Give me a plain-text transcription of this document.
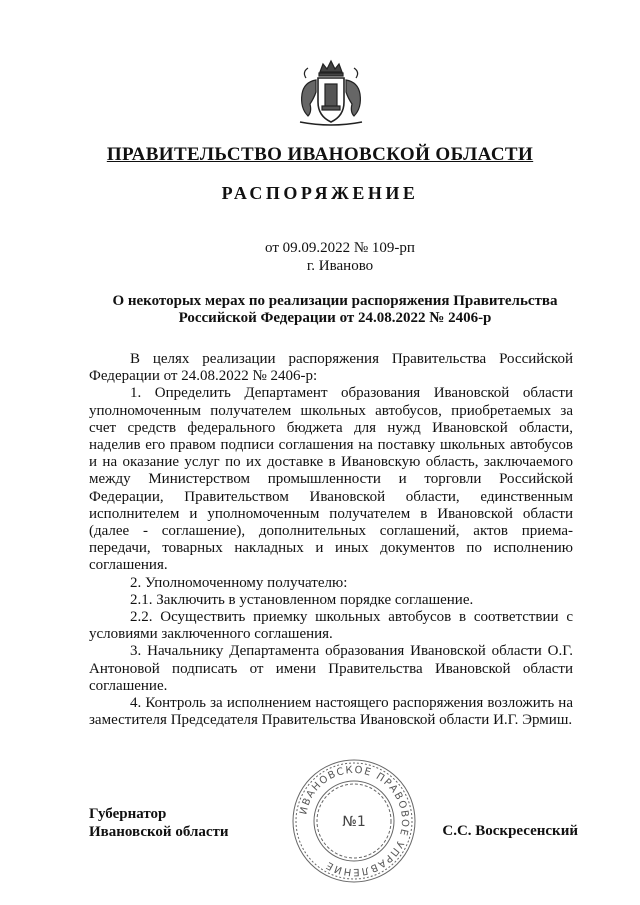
ПРАВИТЕЛЬСТВО ИВАНОВСКОЙ ОБЛАСТИ
РАСПОРЯЖЕНИЕ
от 09.09.2022 № 109-рп
г. Иваново
О некоторых мерах по реализации распоряжения Правительства Российской Федерации от 24.08.2022 № 2406-р

В целях реализации распоряжения Правительства Российской Федерации от 24.08.2022 № 2406-р:

1. Определить Департамент образования Ивановской области уполномоченным получателем школьных автобусов, приобретаемых за счет средств федерального бюджета для нужд Ивановской области, наделив его правом подписи соглашения на поставку школьных автобусов и на оказание услуг по их доставке в Ивановскую область, заключаемого между Министерством промышленности и торговли Российской Федерации, Правительством Ивановской области, единственным исполнителем и уполномоченным получателем в Ивановской области (далее - соглашение), дополнительных соглашений, актов приема-передачи, товарных накладных и иных документов по исполнению соглашения.

2. Уполномоченному получателю:

2.1. Заключить в установленном порядке соглашение.

2.2. Осуществить приемку школьных автобусов в соответствии с условиями заключенного соглашения.

3. Начальнику Департамента образования Ивановской области О.Г. Антоновой подписать от имени Правительства Ивановской области соглашение.

4. Контроль за исполнением настоящего распоряжения возложить на заместителя Председателя Правительства Ивановской области И.Г. Эрмиш.

Губернатор
Ивановской области
ИВАНОВСКОЕ ПРАВОВОЕ УПРАВЛЕНИЕ
№1
С.С. Воскресенский
